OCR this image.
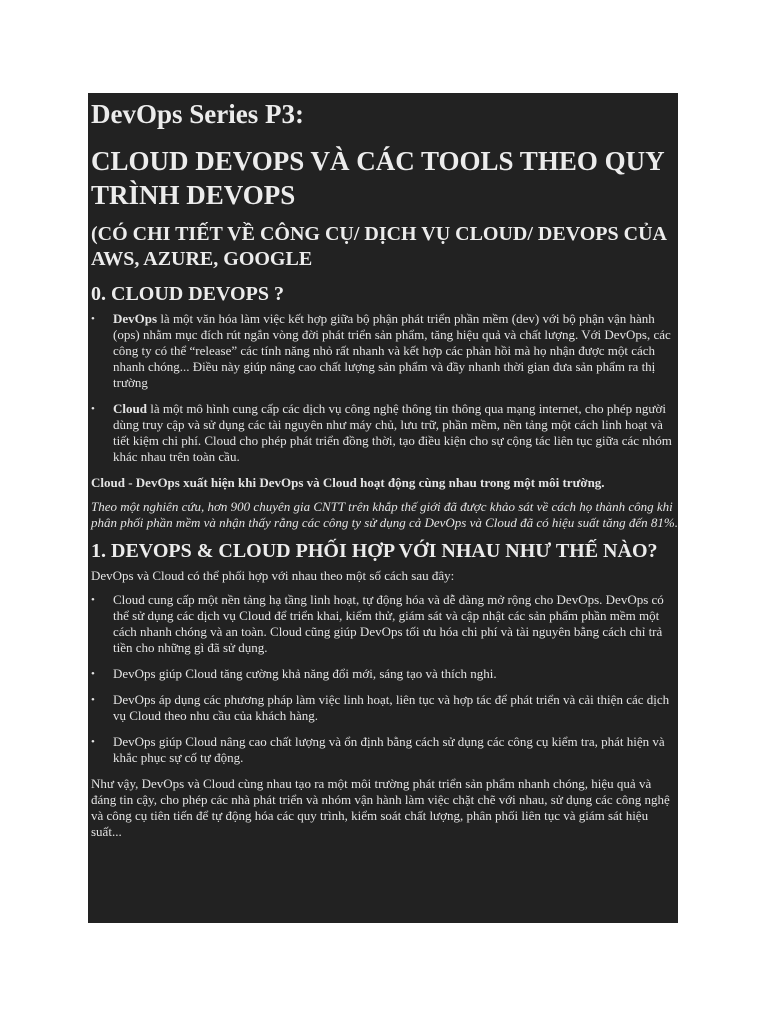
DevOps Series P3:
CLOUD DEVOPS VÀ CÁC TOOLS THEO QUY TRÌNH DEVOPS
(CÓ CHI TIẾT VỀ CÔNG CỤ/ DỊCH VỤ CLOUD/ DEVOPS CỦA AWS, AZURE, GOOGLE
0. CLOUD DEVOPS ?
• DevOps là một văn hóa làm việc kết hợp giữa bộ phận phát triển phần mềm (dev) với bộ phận vận hành (ops) nhằm mục đích rút ngắn vòng đời phát triển sản phẩm, tăng hiệu quả và chất lượng. Với DevOps, các công ty có thể “release” các tính năng nhỏ rất nhanh và kết hợp các phản hồi mà họ nhận được một cách nhanh chóng... Điều này giúp nâng cao chất lượng sản phẩm và đầy nhanh thời gian đưa sản phẩm ra thị trường
• Cloud là một mô hình cung cấp các dịch vụ công nghệ thông tin thông qua mạng internet, cho phép người dùng truy cập và sử dụng các tài nguyên như máy chủ, lưu trữ, phần mềm, nền tảng một cách linh hoạt và tiết kiệm chi phí. Cloud cho phép phát triển đồng thời, tạo điều kiện cho sự cộng tác liên tục giữa các nhóm khác nhau trên toàn cầu.

Cloud - DevOps xuất hiện khi DevOps và Cloud hoạt động cùng nhau trong một môi trường.

Theo một nghiên cứu, hơn 900 chuyên gia CNTT trên khắp thế giới đã được khảo sát về cách họ thành công khi phân phối phần mềm và nhận thấy rằng các công ty sử dụng cả DevOps và Cloud đã có hiệu suất tăng đến 81%.

1. DEVOPS & CLOUD PHỐI HỢP VỚI NHAU NHƯ THẾ NÀO?

DevOps và Cloud có thể phối hợp với nhau theo một số cách sau đây:

• Cloud cung cấp một nền tảng hạ tầng linh hoạt, tự động hóa và dễ dàng mở rộng cho DevOps. DevOps có thể sử dụng các dịch vụ Cloud để triển khai, kiểm thử, giám sát và cập nhật các sản phẩm phần mềm một cách nhanh chóng và an toàn. Cloud cũng giúp DevOps tối ưu hóa chi phí và tài nguyên bằng cách chỉ trả tiền cho những gì đã sử dụng.
• DevOps giúp Cloud tăng cường khả năng đổi mới, sáng tạo và thích nghi.
• DevOps áp dụng các phương pháp làm việc linh hoạt, liên tục và hợp tác để phát triển và cải thiện các dịch vụ Cloud theo nhu cầu của khách hàng.
• DevOps giúp Cloud nâng cao chất lượng và ổn định bằng cách sử dụng các công cụ kiểm tra, phát hiện và khắc phục sự cố tự động.

Như vậy, DevOps và Cloud cùng nhau tạo ra một môi trường phát triển sản phẩm nhanh chóng, hiệu quả và đáng tin cậy, cho phép các nhà phát triển và nhóm vận hành làm việc chặt chẽ với nhau, sử dụng các công nghệ và công cụ tiên tiến để tự động hóa các quy trình, kiểm soát chất lượng, phân phối liên tục và giám sát hiệu suất...
